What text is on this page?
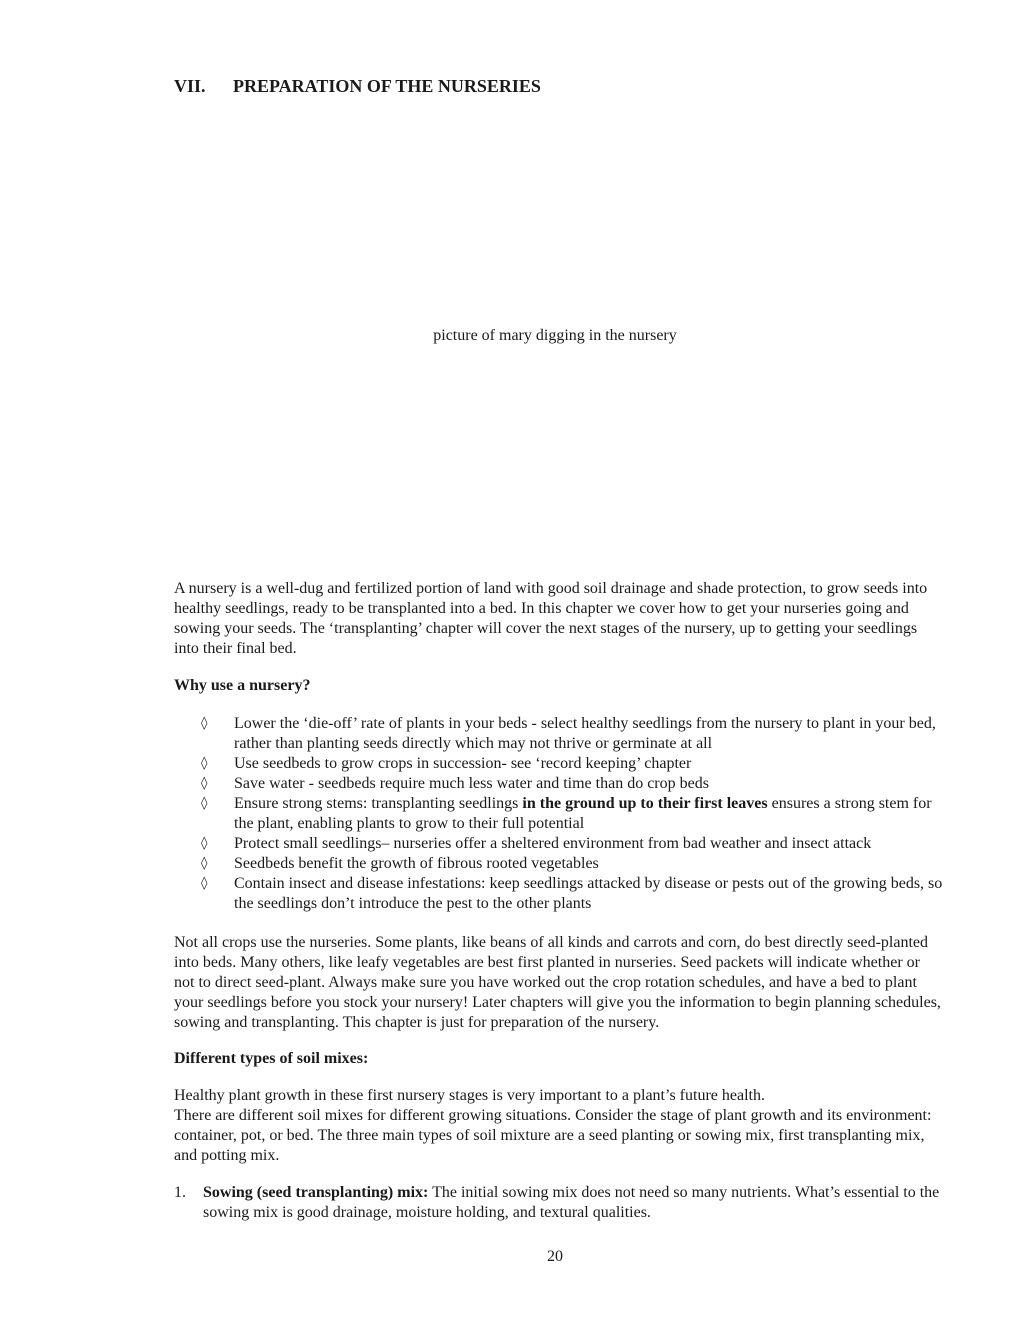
VII. PREPARATION OF THE NURSERIES
picture of mary digging in the nursery
A nursery is a well-dug and fertilized portion of land with good soil drainage and shade protection, to grow seeds into healthy seedlings, ready to be transplanted into a bed. In this chapter we cover how to get your nurseries going and sowing your seeds. The ‘transplanting’ chapter will cover the next stages of the nursery, up to getting your seedlings into their final bed.
Why use a nursery?
◊ Lower the ‘die-off’ rate of plants in your beds - select healthy seedlings from the nursery to plant in your bed, rather than planting seeds directly which may not thrive or germinate at all
◊ Use seedbeds to grow crops in succession- see ‘record keeping’ chapter
◊ Save water - seedbeds require much less water and time than do crop beds
◊ Ensure strong stems: transplanting seedlings in the ground up to their first leaves ensures a strong stem for the plant, enabling plants to grow to their full potential
◊ Protect small seedlings– nurseries offer a sheltered environment from bad weather and insect attack
◊ Seedbeds benefit the growth of fibrous rooted vegetables
◊ Contain insect and disease infestations: keep seedlings attacked by disease or pests out of the growing beds, so the seedlings don’t introduce the pest to the other plants
Not all crops use the nurseries. Some plants, like beans of all kinds and carrots and corn, do best directly seed-planted into beds. Many others, like leafy vegetables are best first planted in nurseries. Seed packets will indicate whether or not to direct seed-plant. Always make sure you have worked out the crop rotation schedules, and have a bed to plant your seedlings before you stock your nursery! Later chapters will give you the information to begin planning schedules, sowing and transplanting. This chapter is just for preparation of the nursery.
Different types of soil mixes:
Healthy plant growth in these first nursery stages is very important to a plant’s future health.
There are different soil mixes for different growing situations. Consider the stage of plant growth and its environment: container, pot, or bed. The three main types of soil mixture are a seed planting or sowing mix, first transplanting mix, and potting mix.
1.	Sowing (seed transplanting) mix: The initial sowing mix does not need so many nutrients. What’s essential to the sowing mix is good drainage, moisture holding, and textural qualities.
20
